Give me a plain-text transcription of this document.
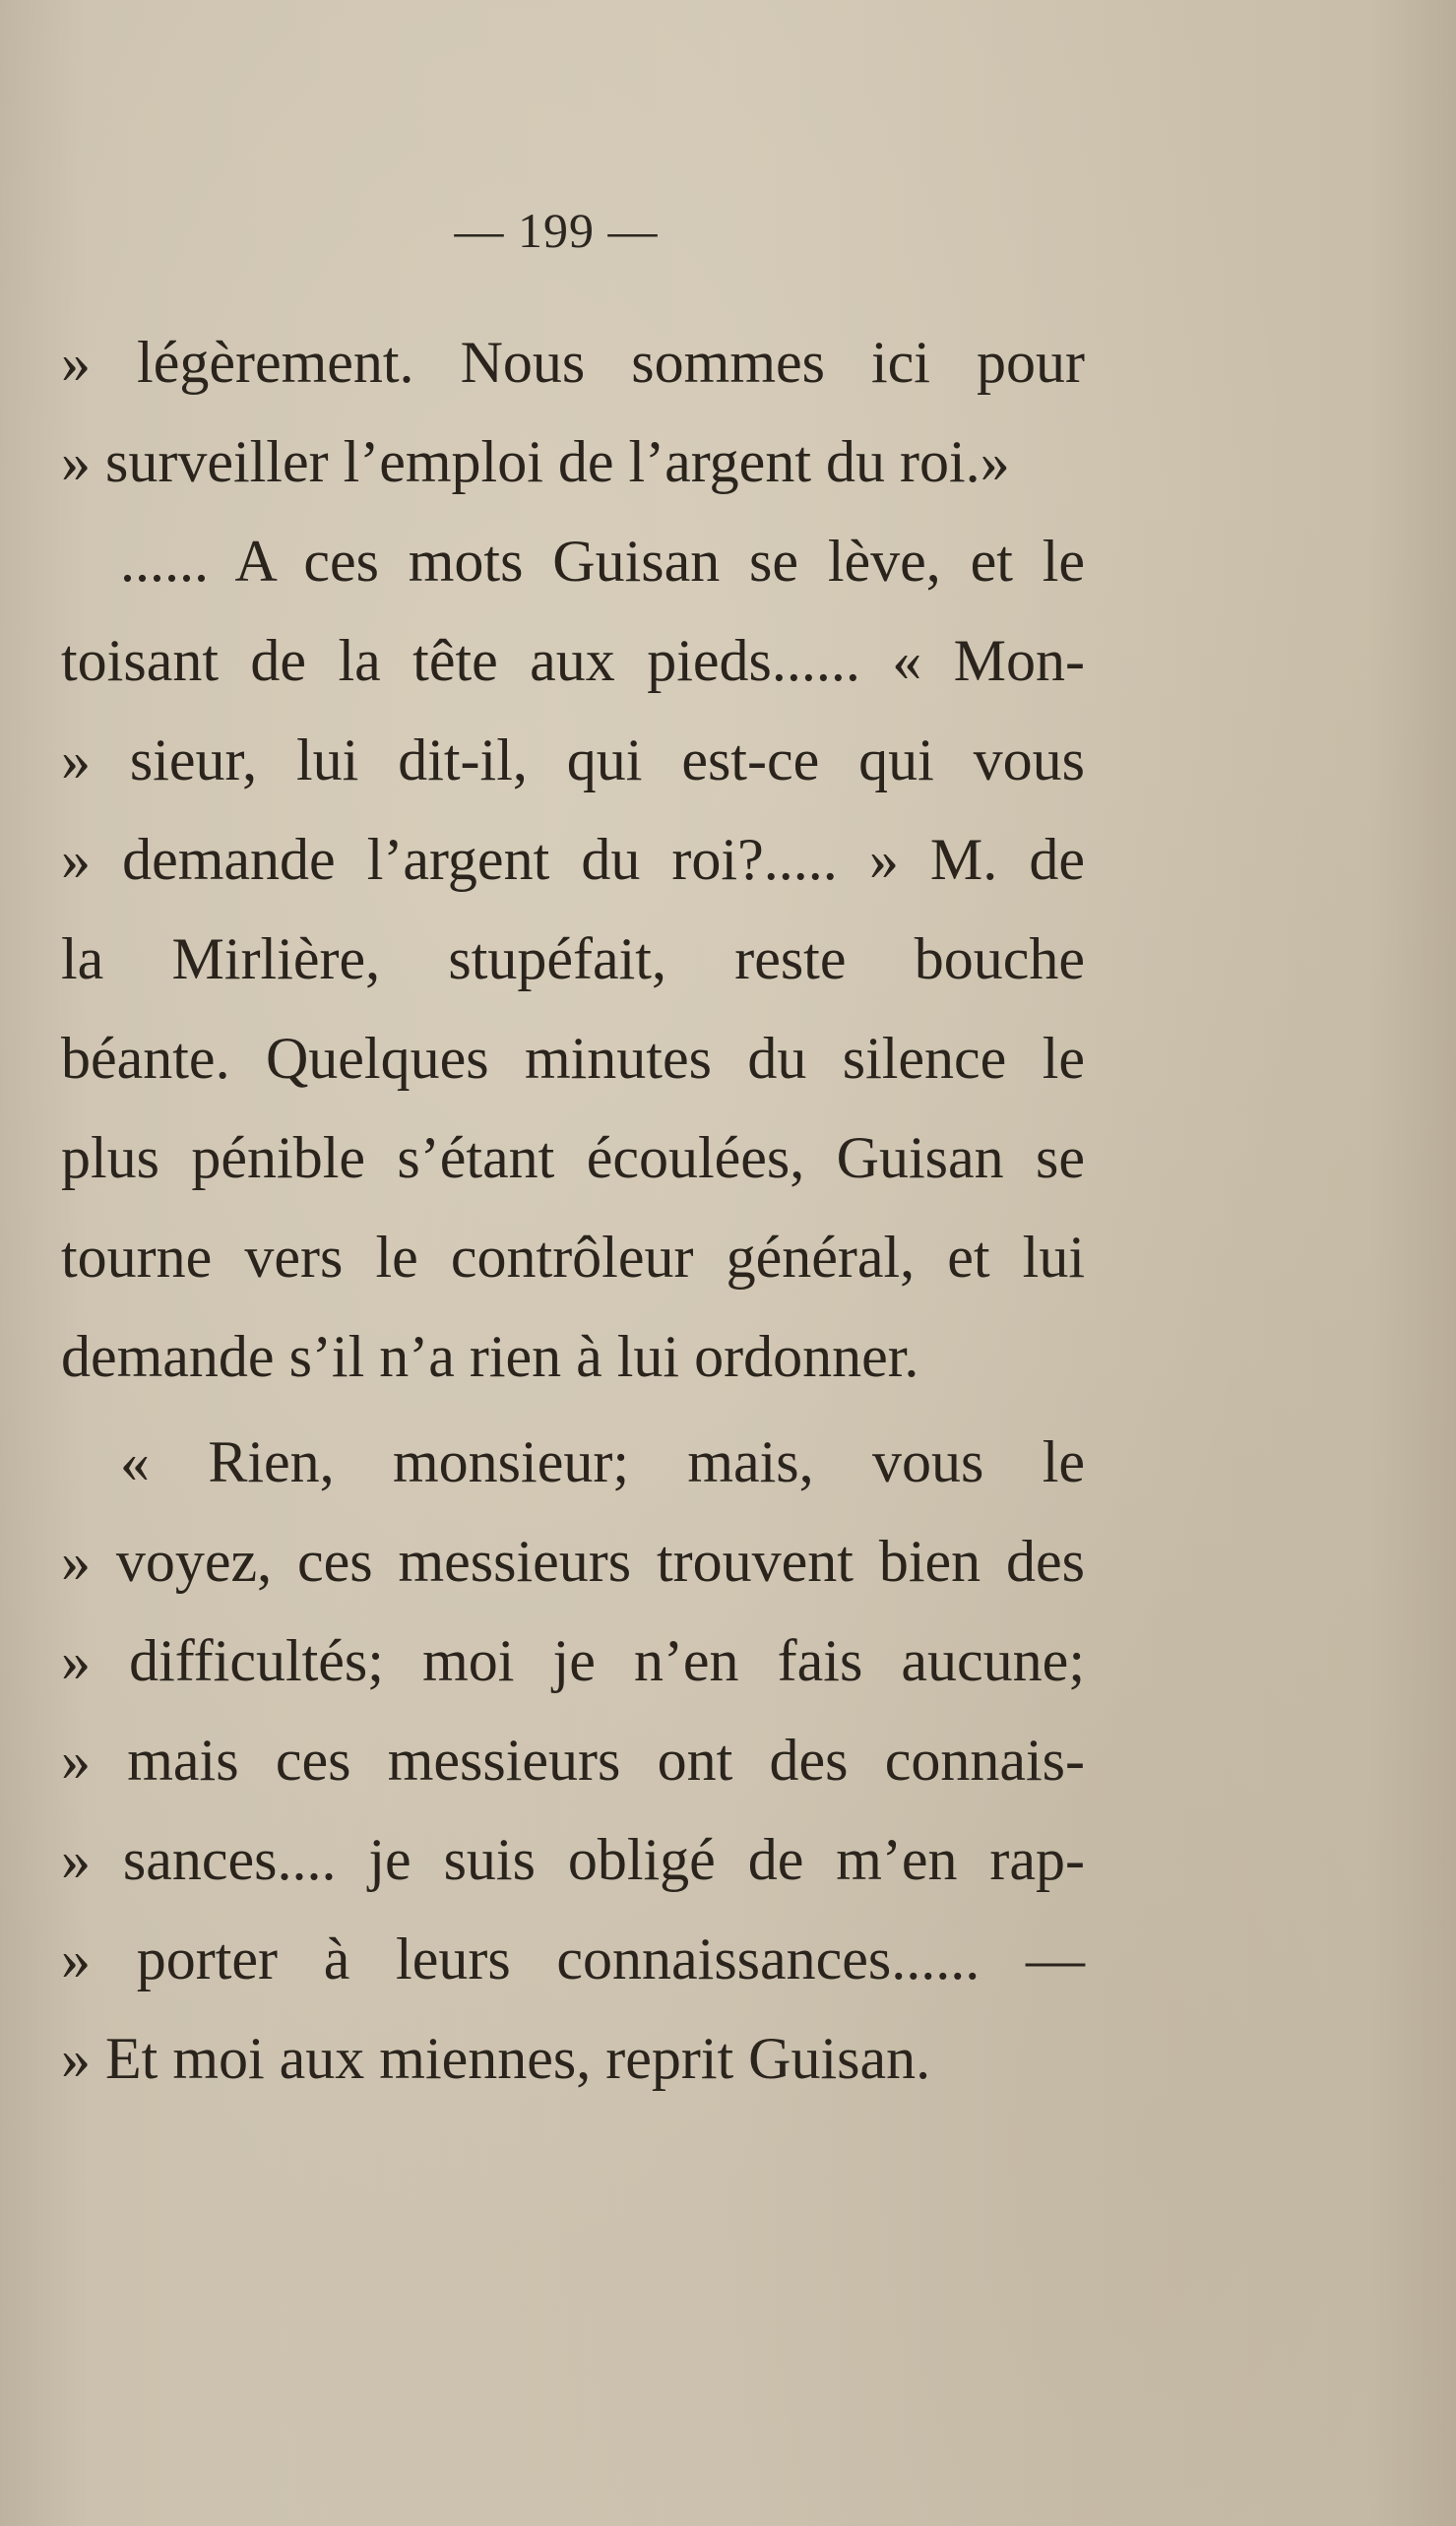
— 199 —
» légèrement. Nous sommes ici pour
» surveiller l’emploi de l’argent du roi.»
...... A ces mots Guisan se lève, et le
toisant de la tête aux pieds...... « Mon-
» sieur, lui dit-il, qui est-ce qui vous
» demande l’argent du roi?..... » M. de
la Mirlière, stupéfait, reste bouche
béante. Quelques minutes du silence le
plus pénible s’étant écoulées, Guisan se
tourne vers le contrôleur général, et lui
demande s’il n’a rien à lui ordonner.
« Rien, monsieur; mais, vous le
» voyez, ces messieurs trouvent bien des
» difficultés; moi je n’en fais aucune;
» mais ces messieurs ont des connais-
» sances.... je suis obligé de m’en rap-
» porter à leurs connaissances...... —
» Et moi aux miennes, reprit Guisan.
